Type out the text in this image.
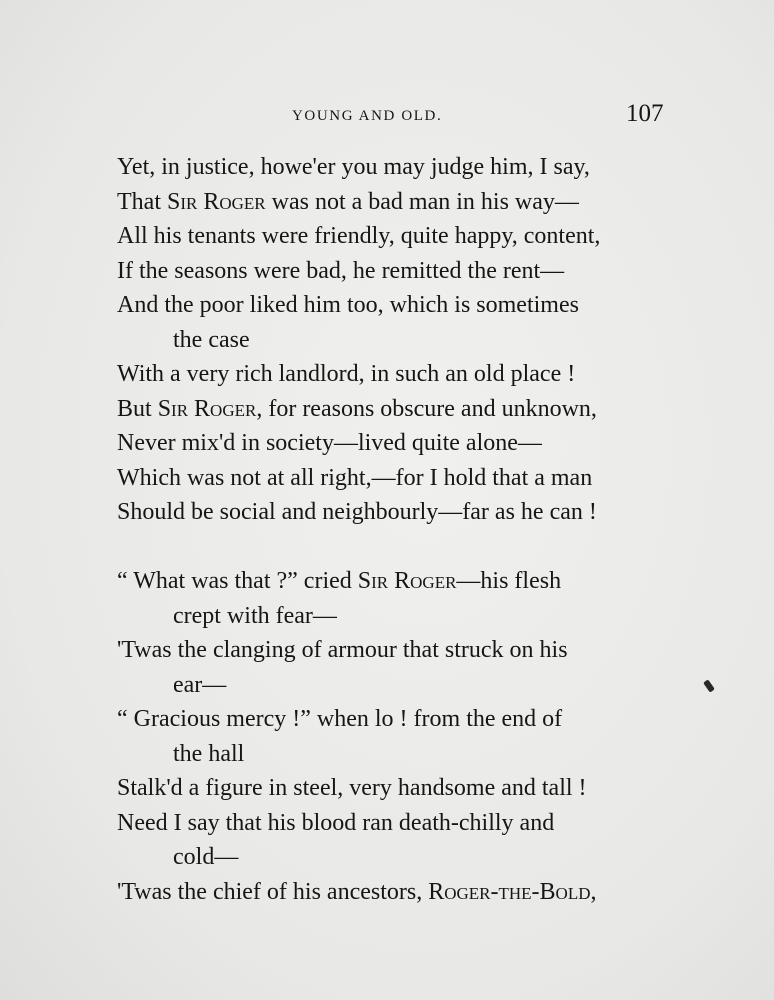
YOUNG AND OLD.	107
Yet, in justice, howe'er you may judge him, I say,
That Sir Roger was not a bad man in his way—
All his tenants were friendly, quite happy, content,
If the seasons were bad, he remitted the rent—
And the poor liked him too, which is sometimes
the case
With a very rich landlord, in such an old place !
But Sir Roger, for reasons obscure and unknown,
Never mix'd in society—lived quite alone—
Which was not at all right,—for I hold that a man
Should be social and neighbourly—far as he can !
“ What was that ?” cried Sir Roger—his flesh
crept with fear—
'Twas the clanging of armour that struck on his
ear—
“ Gracious mercy !” when lo ! from the end of
the hall
Stalk'd a figure in steel, very handsome and tall !
Need I say that his blood ran death-chilly and
cold—
'Twas the chief of his ancestors, Roger-the-Bold,
